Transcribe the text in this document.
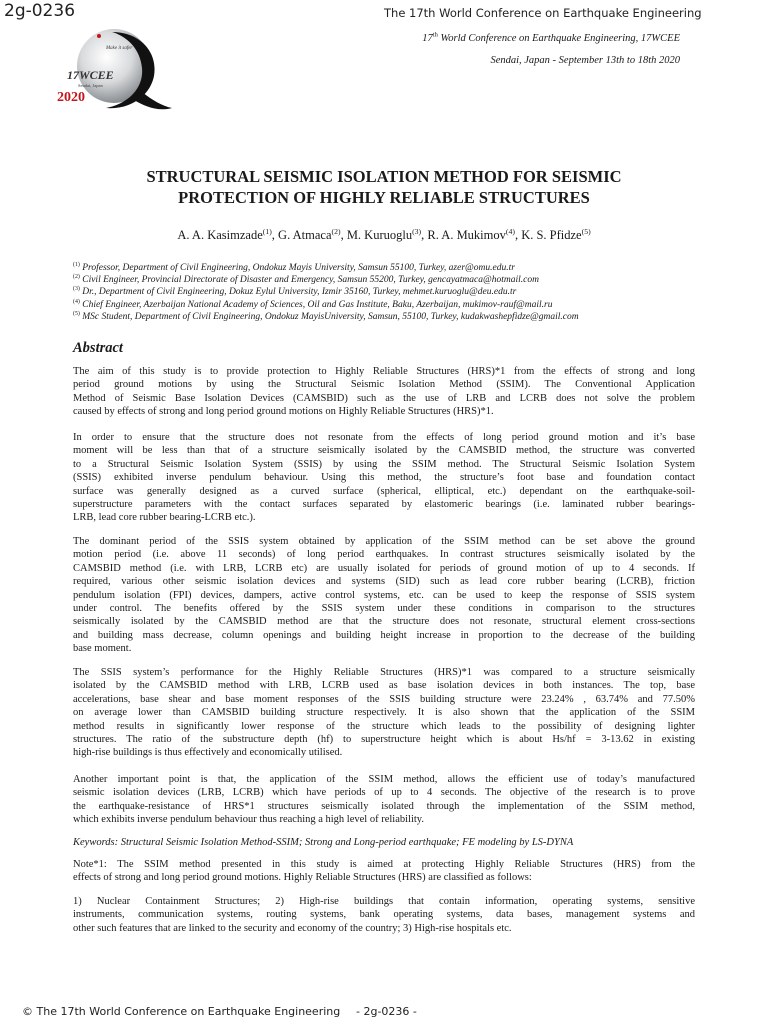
2g-0236	The 17th World Conference on Earthquake Engineering
17th World Conference on Earthquake Engineering, 17WCEE
Sendai, Japan - September 13th to 18th 2020
Make it safer
17WCEE
Sendai, Japan
2020
STRUCTURAL SEISMIC ISOLATION METHOD FOR SEISMIC
PROTECTION OF HIGHLY RELIABLE STRUCTURES
A. A. Kasimzade$^{(1)}$, G. Atmaca$^{(2)}$, M. Kuruoglu$^{(3)}$, R. A. Mukimov$^{(4)}$, K. S. Pfidze$^{(5)}$
$^{(1)}$ Professor, Department of Civil Engineering, Ondokuz Mayis University, Samsun 55100, Turkey, azer@omu.edu.tr
$^{(2)}$ Civil Engineer, Provincial Directorate of Disaster and Emergency, Samsun 55200, Turkey, gencayatmaca@hotmail.com
$^{(3)}$ Dr., Department of Civil Engineering, Dokuz Eylul University, Izmir 35160, Turkey, mehmet.kuruoglu@deu.edu.tr
$^{(4)}$ Chief Engineer, Azerbaijan National Academy of Sciences, Oil and Gas Institute, Baku, Azerbaijan, mukimov-rauf@mail.ru
$^{(5)}$ MSc Student, Department of Civil Engineering, Ondokuz MayisUniversity, Samsun, 55100, Turkey, kudakwashepfidze@gmail.com
Abstract
The aim of this study is to provide protection to Highly Reliable Structures (HRS)*1 from the effects of strong and long
period ground motions by using the Structural Seismic Isolation Method (SSIM). The Conventional Application
Method of Seismic Base Isolation Devices (CAMSBID) such as the use of LRB and LCRB does not solve the problem
caused by effects of strong and long period ground motions on Highly Reliable Structures (HRS)*1.
In order to ensure that the structure does not resonate from the effects of long period ground motion and it’s base
moment will be less than that of a structure seismically isolated by the CAMSBID method, the structure was converted
to a Structural Seismic Isolation System (SSIS) by using the SSIM method. The Structural Seismic Isolation System
(SSIS) exhibited inverse pendulum behaviour. Using this method, the structure’s foot base and foundation contact
surface was generally designed as a curved surface (spherical, elliptical, etc.) dependant on the earthquake-soil-
superstructure parameters with the contact surfaces separated by elastomeric bearings (i.e. laminated rubber bearings-
LRB, lead core rubber bearing-LCRB etc.).
The dominant period of the SSIS system obtained by application of the SSIM method can be set above the ground
motion period (i.e. above 11 seconds) of long period earthquakes. In contrast structures seismically isolated by the
CAMSBID method (i.e. with LRB, LCRB etc) are usually isolated for periods of ground motion of up to 4 seconds. If
required, various other seismic isolation devices and systems (SID) such as lead core rubber bearing (LCRB), friction
pendulum isolation (FPI) devices, dampers, active control systems, etc. can be used to keep the response of SSIS system
under control. The benefits offered by the SSIS system under these conditions in comparison to the structures
seismically isolated by the CAMSBID method are that the structure does not resonate, structural element cross-sections
and building mass decrease, column openings and building height increase in proportion to the decrease of the building
base moment.
The SSIS system’s performance for the Highly Reliable Structures (HRS)*1 was compared to a structure seismically
isolated by the CAMSBID method with LRB, LCRB used as base isolation devices in both instances. The top, base
accelerations, base shear and base moment responses of the SSIS building structure were 23.24% , 63.74% and 77.50%
on average lower than CAMSBID building structure respectively. It is also shown that the application of the SSIM
method results in significantly lower response of the structure which leads to the possibility of designing lighter
structures. The ratio of the substructure depth (hf) to superstructure height which is about Hs/hf = 3-13.62 in existing
high-rise buildings is thus effectively and economically utilised.
Another important point is that, the application of the SSIM method, allows the efficient use of today’s manufactured
seismic isolation devices (LRB, LCRB) which have periods of up to 4 seconds. The objective of the research is to prove
the earthquake-resistance of HRS*1 structures seismically isolated through the implementation of the SSIM method,
which exhibits inverse pendulum behaviour thus reaching a high level of reliability.
Keywords: Structural Seismic Isolation Method-SSIM; Strong and Long-period earthquake; FE modeling by LS-DYNA
Note*1: The SSIM method presented in this study is aimed at protecting Highly Reliable Structures (HRS) from the
effects of strong and long period ground motions. Highly Reliable Structures (HRS) are classified as follows:
1) Nuclear Containment Structures; 2) High-rise buildings that contain information, operating systems, sensitive
instruments, communication systems, routing systems, bank operating systems, data bases, management systems and
other such features that are linked to the security and economy of the country; 3) High-rise hospitals etc.
© The 17th World Conference on Earthquake Engineering - 2g-0236 -
